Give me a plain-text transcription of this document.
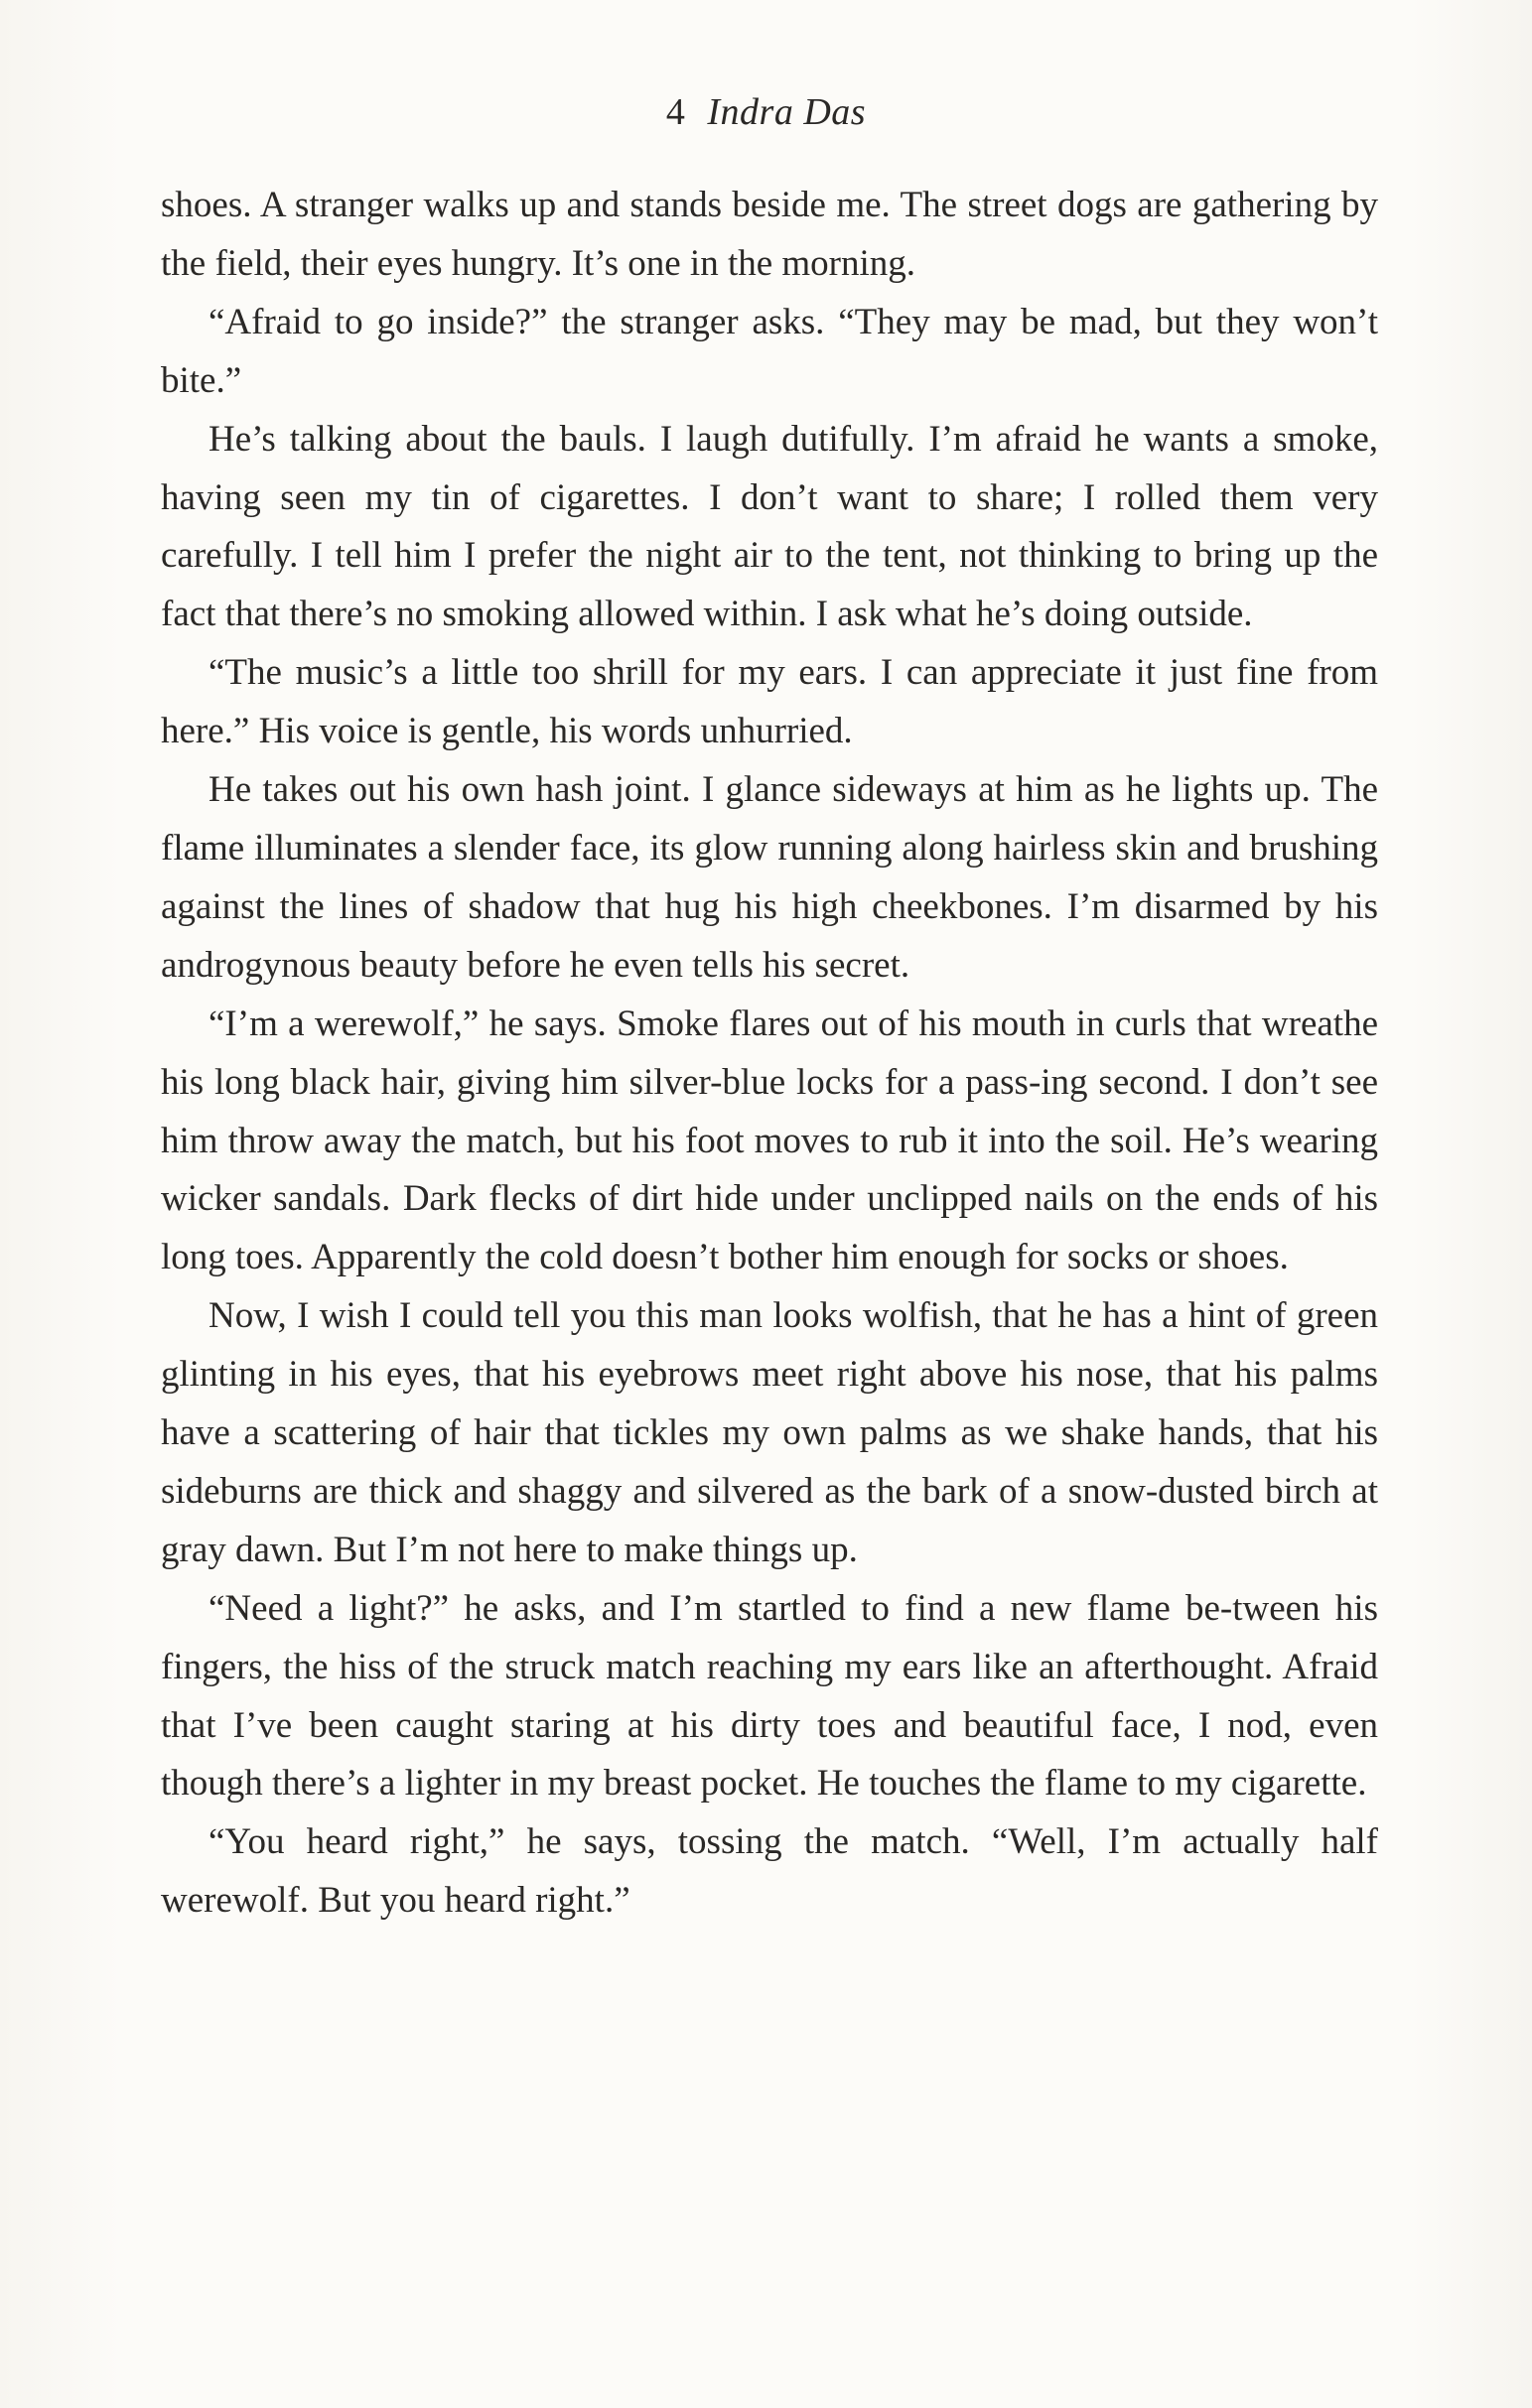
4 Indra Das

shoes. A stranger walks up and stands beside me. The street dogs are gathering by the field, their eyes hungry. It’s one in the morning.

“Afraid to go inside?” the stranger asks. “They may be mad, but they won’t bite.”

He’s talking about the bauls. I laugh dutifully. I’m afraid he wants a smoke, having seen my tin of cigarettes. I don’t want to share; I rolled them very carefully. I tell him I prefer the night air to the tent, not thinking to bring up the fact that there’s no smoking allowed within. I ask what he’s doing outside.

“The music’s a little too shrill for my ears. I can appreciate it just fine from here.” His voice is gentle, his words unhurried.

He takes out his own hash joint. I glance sideways at him as he lights up. The flame illuminates a slender face, its glow running along hairless skin and brushing against the lines of shadow that hug his high cheekbones. I’m disarmed by his androgynous beauty before he even tells his secret.

“I’m a werewolf,” he says. Smoke flares out of his mouth in curls that wreathe his long black hair, giving him silver-blue locks for a pass-ing second. I don’t see him throw away the match, but his foot moves to rub it into the soil. He’s wearing wicker sandals. Dark flecks of dirt hide under unclipped nails on the ends of his long toes. Apparently the cold doesn’t bother him enough for socks or shoes.

Now, I wish I could tell you this man looks wolfish, that he has a hint of green glinting in his eyes, that his eyebrows meet right above his nose, that his palms have a scattering of hair that tickles my own palms as we shake hands, that his sideburns are thick and shaggy and silvered as the bark of a snow-dusted birch at gray dawn. But I’m not here to make things up.

“Need a light?” he asks, and I’m startled to find a new flame be-tween his fingers, the hiss of the struck match reaching my ears like an afterthought. Afraid that I’ve been caught staring at his dirty toes and beautiful face, I nod, even though there’s a lighter in my breast pocket. He touches the flame to my cigarette.

“You heard right,” he says, tossing the match. “Well, I’m actually half werewolf. But you heard right.”
